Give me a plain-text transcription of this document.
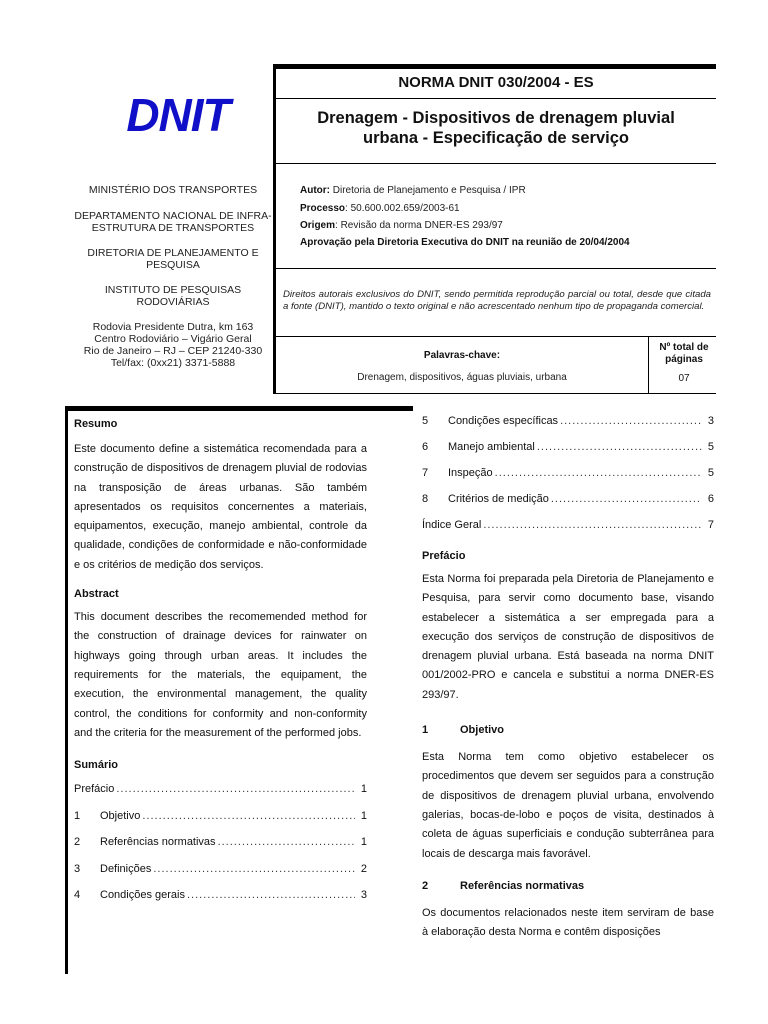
DNIT
MINISTÉRIO DOS TRANSPORTES
DEPARTAMENTO NACIONAL DE INFRA-
ESTRUTURA DE TRANSPORTES
DIRETORIA DE PLANEJAMENTO E
PESQUISA
INSTITUTO DE PESQUISAS
RODOVIÁRIAS
Rodovia Presidente Dutra, km 163
Centro Rodoviário – Vigário Geral
Rio de Janeiro – RJ – CEP 21240-330
Tel/fax: (0xx21) 3371-5888
NORMA DNIT 030/2004 - ES
Drenagem - Dispositivos de drenagem pluvial
urbana - Especificação de serviço
Autor: Diretoria de Planejamento e Pesquisa / IPR
Processo: 50.600.002.659/2003-61
Origem: Revisão da norma DNER-ES 293/97
Aprovação pela Diretoria Executiva do DNIT na reunião de 20/04/2004
Direitos autorais exclusivos do DNIT, sendo permitida reprodução parcial ou total, desde que citada a fonte (DNIT), mantido o texto original e não acrescentado nenhum tipo de propaganda comercial.
Palavras-chave:
Drenagem, dispositivos, águas pluviais, urbana
Nº total de
páginas
07
Resumo
Este documento define a sistemática recomendada para a construção de dispositivos de drenagem pluvial de rodovias na transposição de áreas urbanas. São também apresentados os requisitos concernentes a materiais, equipamentos, execução, manejo ambiental, controle da qualidade, condições de conformidade e não-conformidade e os critérios de medição dos serviços.
Abstract
This document describes the recomemended method for the construction of drainage devices for rainwater on highways going through urban areas. It includes the requirements for the materials, the equipament, the execution, the environmental management, the quality control, the conditions for conformity and non-conformity and the criteria for the measurement of the performed jobs.
Sumário
Prefácio .....	1
1	Objetivo .....	1
2	Referências normativas .....	1
3	Definições .....	2
4	Condições gerais .....	3
5	Condições específicas .....	3
6	Manejo ambiental .....	5
7	Inspeção .....	5
8	Critérios de medição .....	6
Índice Geral .....	7
Prefácio
Esta Norma foi preparada pela Diretoria de Planejamento e Pesquisa, para servir como documento base, visando estabelecer a sistemática a ser empregada para a execução dos serviços de construção de dispositivos de drenagem pluvial urbana. Está baseada na norma DNIT 001/2002-PRO e cancela e substitui a norma DNER-ES 293/97.
1	Objetivo
Esta Norma tem como objetivo estabelecer os procedimentos que devem ser seguidos para a construção de dispositivos de drenagem pluvial urbana, envolvendo galerias, bocas-de-lobo e poços de visita, destinados à coleta de águas superficiais e condução subterrânea para locais de descarga mais favorável.
2	Referências normativas
Os documentos relacionados neste item serviram de base à elaboração desta Norma e contêm disposições
